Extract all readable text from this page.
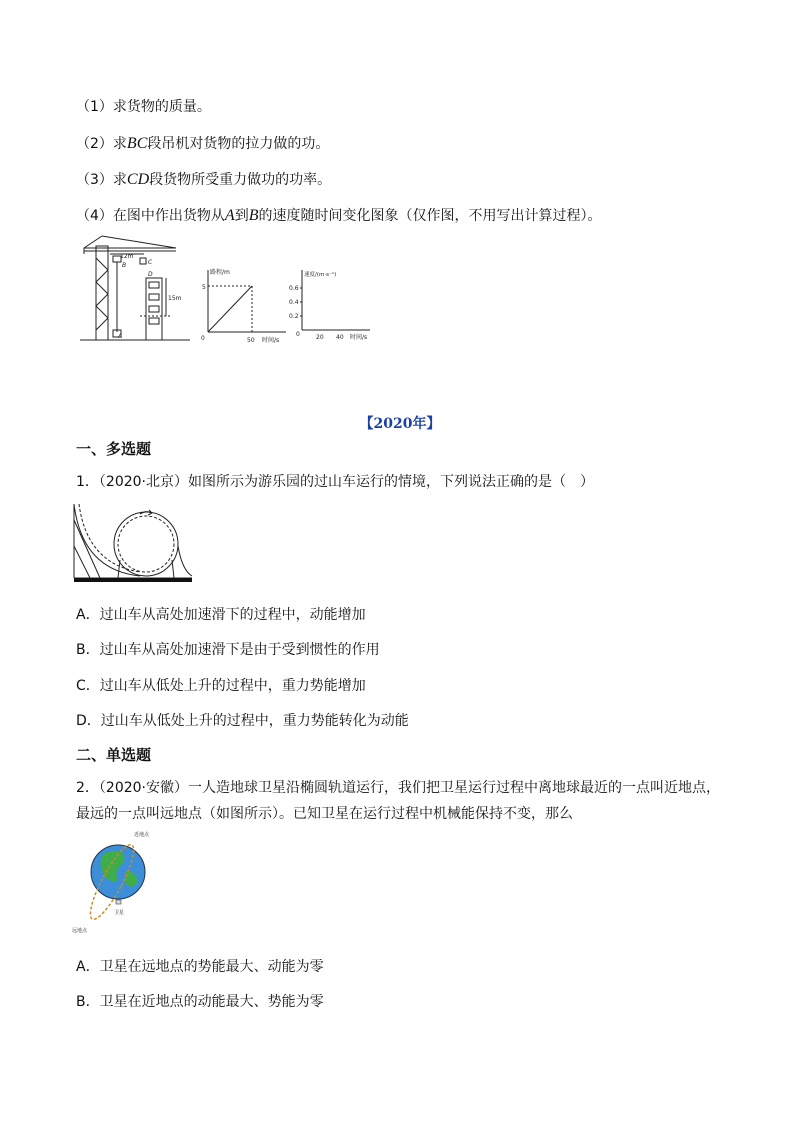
（1）求货物的质量。
（2）求BC段吊机对货物的拉力做的功。
（3）求CD段货物所受重力做功的功率。
（4）在图中作出货物从A到B的速度随时间变化图象（仅作图，不用写出计算过程）。
12m
15m
A
B	C
D	路程/m
0
5
50 时间/s
速度/(m·s⁻¹)
0.6
0.4
0.2
0	20 40 时间/s
【2020年】
一、多选题
1．（2020·北京）如图所示为游乐园的过山车运行的情境，下列说法正确的是（　）
A．过山车从高处加速滑下的过程中，动能增加
B．过山车从高处加速滑下是由于受到惯性的作用
C．过山车从低处上升的过程中，重力势能增加
D．过山车从低处上升的过程中，重力势能转化为动能
二、单选题
2．（2020·安徽）一人造地球卫星沿椭圆轨道运行，我们把卫星运行过程中离地球最近的一点叫近地点，
最远的一点叫远地点（如图所示）。已知卫星在运行过程中机械能保持不变，那么
近地点
远地点
卫星
A．卫星在远地点的势能最大、动能为零
B．卫星在近地点的动能最大、势能为零
